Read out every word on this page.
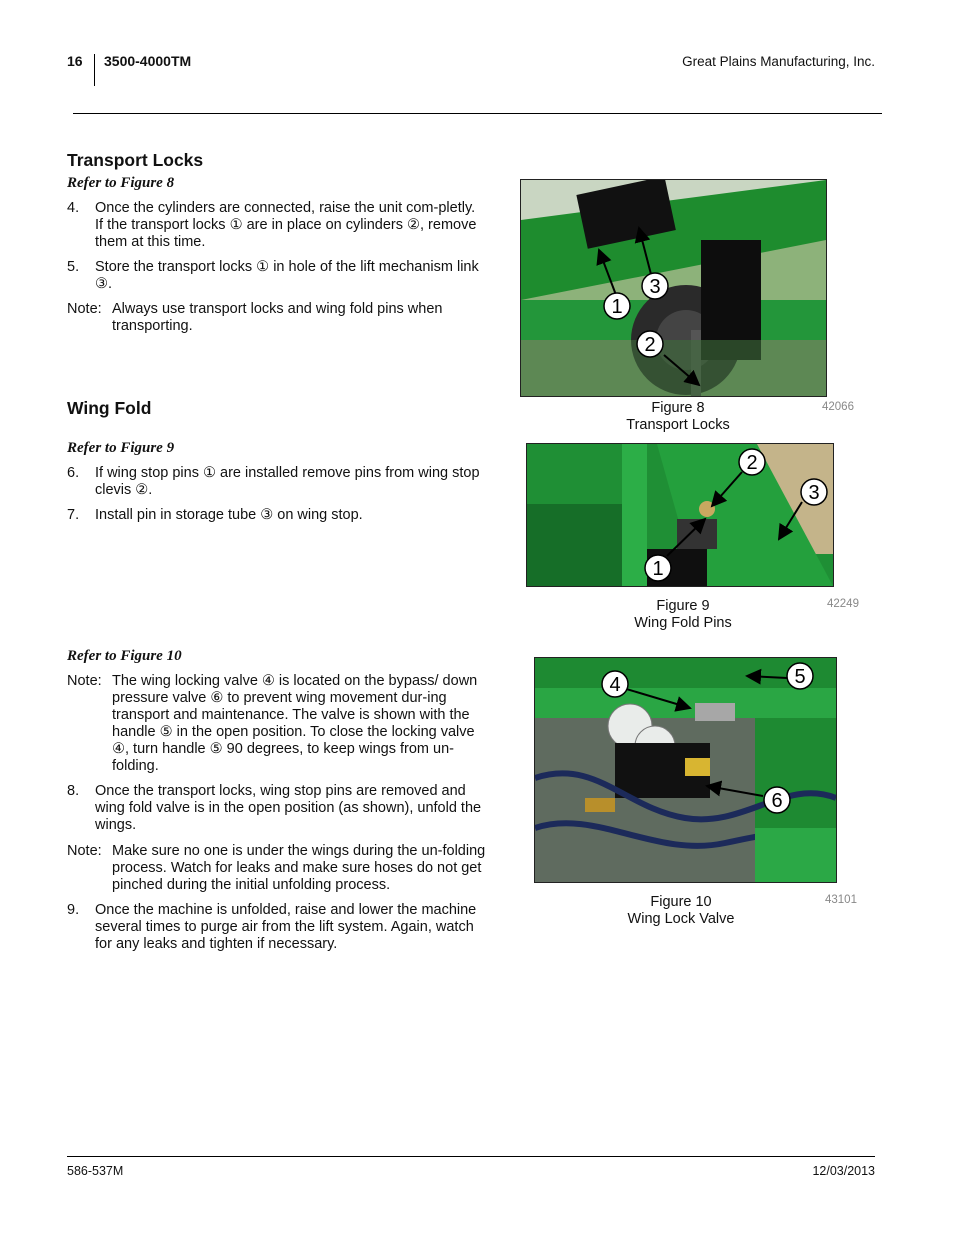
16 3500-4000TM	Great Plains Manufacturing, Inc.
Transport Locks
Refer to Figure 8
4. Once the cylinders are connected, raise the unit com-pletly. If the transport locks ① are in place on cylinders ②, remove them at this time.
5. Store the transport locks ① in hole of the lift mechanism link ③.
Note: Always use transport locks and wing fold pins when transporting.
Wing Fold
Refer to Figure 9
6. If wing stop pins ① are installed remove pins from wing stop clevis ②.
7. Install pin in storage tube ③ on wing stop.
Refer to Figure 10
Note: The wing locking valve ④ is located on the bypass/ down pressure valve ⑥ to prevent wing movement dur-ing transport and maintenance. The valve is shown with the handle ⑤ in the open position. To close the locking valve ④, turn handle ⑤ 90 degrees, to keep wings from un-folding.
8. Once the transport locks, wing stop pins are removed and wing fold valve is in the open position (as shown), unfold the wings.
Note: Make sure no one is under the wings during the un-folding process. Watch for leaks and make sure hoses do not get pinched during the initial unfolding process.
9. Once the machine is unfolded, raise and lower the machine several times to purge air from the lift system. Again, watch for any leaks and tighten if necessary.
1
3
2
Figure 8
Transport Locks
42066
1
2
3
Figure 9
Wing Fold Pins
42249
4	5
6
Figure 10
Wing Lock Valve
43101
586-537M	12/03/2013
